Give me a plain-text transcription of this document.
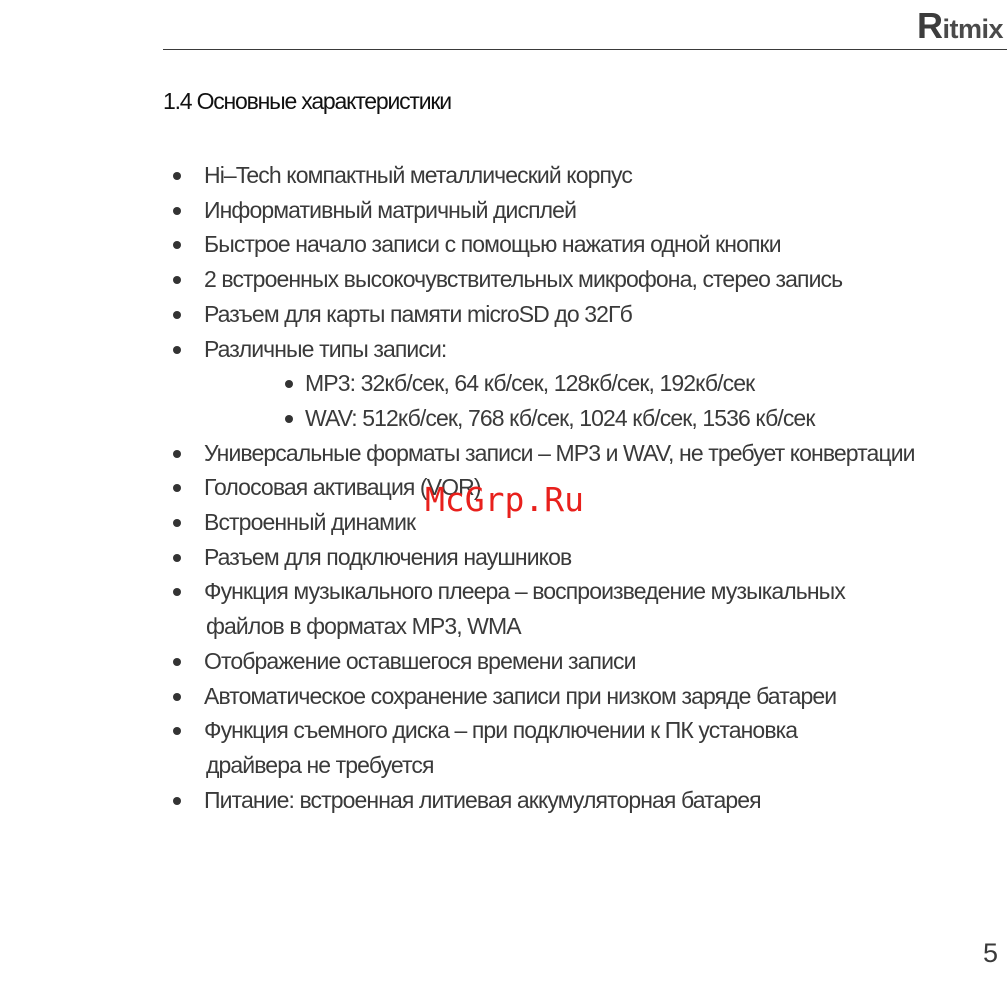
R itmix
1.4 Основные характеристики
Hi–Tech компактный металлический корпус
Информативный матричный дисплей
Быстрое начало записи с помощью нажатия одной кнопки
2 встроенных высокочувствительных микрофона, стерео запись
Разъем для карты памяти microSD до 32Гб
Различные типы записи:
MP3: 32кб/сек, 64 кб/сек, 128кб/сек, 192кб/сек
WAV: 512кб/сек, 768 кб/сек, 1024 кб/сек, 1536 кб/сек
Универсальные форматы записи – MP3 и WAV, не требует конвертации
Голосовая активация (VOR)
Встроенный динамик
Разъем для подключения наушников
Функция музыкального плеера – воспроизведение музыкальных
файлов в форматах MP3, WMA
Отображение оставшегося времени записи
Автоматическое сохранение записи при низком заряде батареи
Функция съемного диска – при подключении к ПК установка
драйвера не требуется
Питание: встроенная литиевая аккумуляторная батарея
McGrp.Ru
5
